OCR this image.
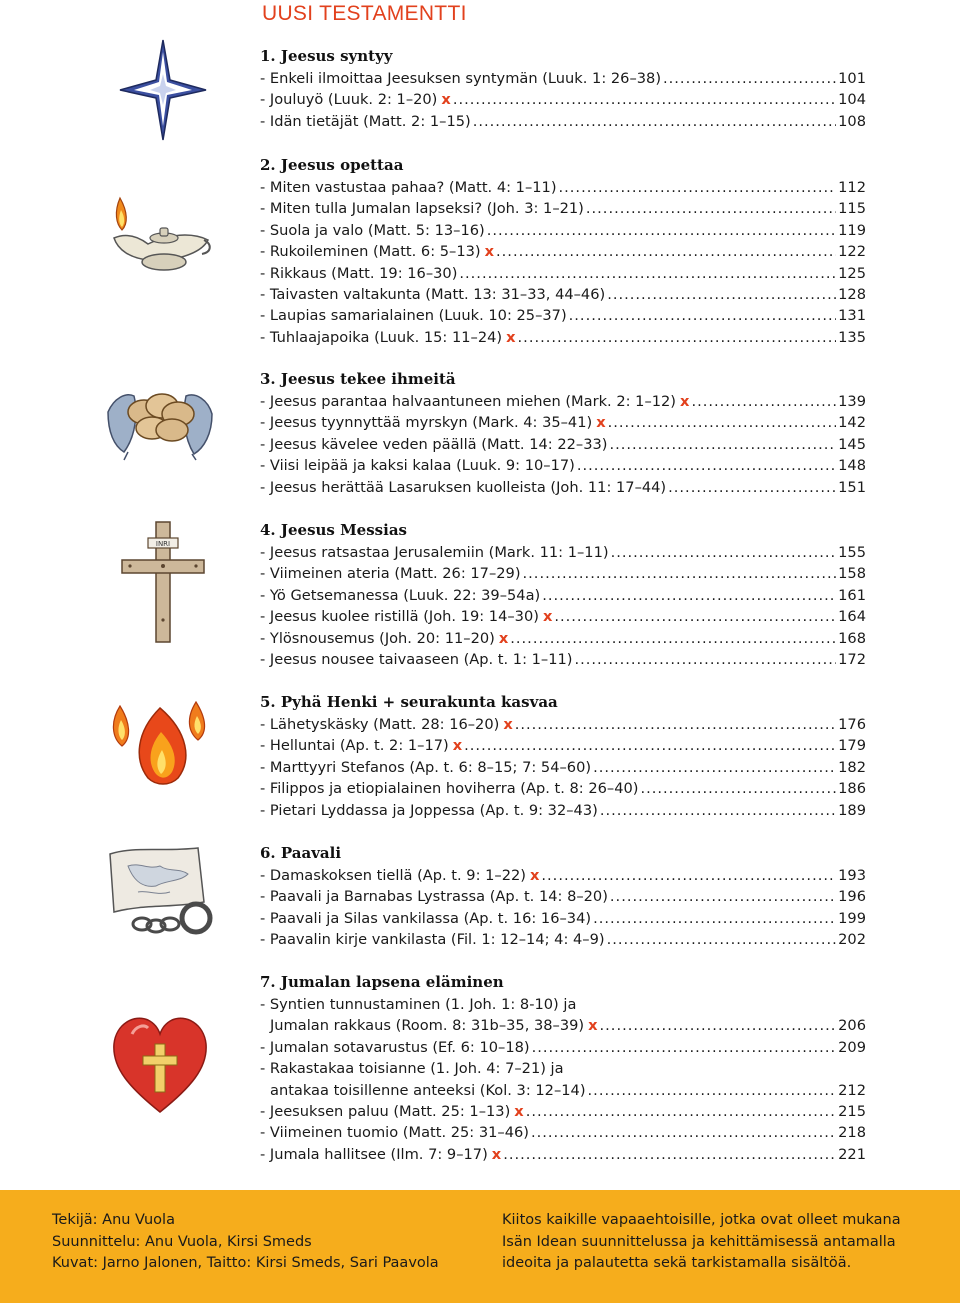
UUSI TESTAMENTTI
INRI
1. Jeesus syntyy
- Enkeli ilmoittaa Jeesuksen syntymän (Luuk. 1: 26–38) .....	101
- Jouluyö (Luuk. 2: 1–20) x .....	104
- Idän tietäjät (Matt. 2: 1–15) .....	108
2. Jeesus opettaa
- Miten vastustaa pahaa? (Matt. 4: 1–11) .....	112
- Miten tulla Jumalan lapseksi? (Joh. 3: 1–21) .....	115
- Suola ja valo (Matt. 5: 13–16) .....	119
- Rukoileminen (Matt. 6: 5–13) x .....	122
- Rikkaus (Matt. 19: 16–30) .....	125
- Taivasten valtakunta (Matt. 13: 31–33, 44–46) .....	128
- Laupias samarialainen (Luuk. 10: 25–37) .....	131
- Tuhlaajapoika (Luuk. 15: 11–24) x .....	135
3. Jeesus tekee ihmeitä
- Jeesus parantaa halvaantuneen miehen (Mark. 2: 1–12) x .....	139
- Jeesus tyynnyttää myrskyn (Mark. 4: 35–41) x .....	142
- Jeesus kävelee veden päällä (Matt. 14: 22–33) .....	145
- Viisi leipää ja kaksi kalaa (Luuk. 9: 10–17) .....	148
- Jeesus herättää Lasaruksen kuolleista (Joh. 11: 17–44) .....	151
4. Jeesus Messias
- Jeesus ratsastaa Jerusalemiin (Mark. 11: 1–11) .....	155
- Viimeinen ateria (Matt. 26: 17–29) .....	158
- Yö Getsemanessa (Luuk. 22: 39–54a) .....	161
- Jeesus kuolee ristillä (Joh. 19: 14–30) x .....	164
- Ylösnousemus (Joh. 20: 11–20) x .....	168
- Jeesus nousee taivaaseen (Ap. t. 1: 1–11) .....	172
5. Pyhä Henki + seurakunta kasvaa
- Lähetyskäsky (Matt. 28: 16–20) x .....	176
- Helluntai (Ap. t. 2: 1–17) x .....	179
- Marttyyri Stefanos (Ap. t. 6: 8–15; 7: 54–60) .....	182
- Filippos ja etiopialainen hoviherra (Ap. t. 8: 26–40) .....	186
- Pietari Lyddassa ja Joppessa (Ap. t. 9: 32–43) .....	189
6. Paavali
- Damaskoksen tiellä (Ap. t. 9: 1–22) x .....	193
- Paavali ja Barnabas Lystrassa (Ap. t. 14: 8–20) .....	196
- Paavali ja Silas vankilassa (Ap. t. 16: 16–34) .....	199
- Paavalin kirje vankilasta (Fil. 1: 12–14; 4: 4–9) .....	202
7. Jumalan lapsena eläminen
- Syntien tunnustaminen (1. Joh. 1: 8-10) ja
Jumalan rakkaus (Room. 8: 31b–35, 38–39) x .....	206
- Jumalan sotavarustus (Ef. 6: 10–18) .....	209
- Rakastakaa toisianne (1. Joh. 4: 7–21) ja
antakaa toisillenne anteeksi (Kol. 3: 12–14) .....	212
- Jeesuksen paluu (Matt. 25: 1–13) x .....	215
- Viimeinen tuomio (Matt. 25: 31–46) .....	218
- Jumala hallitsee (Ilm. 7: 9–17) x .....	221
Tekijä: Anu Vuola
Suunnittelu: Anu Vuola, Kirsi Smeds
Kuvat: Jarno Jalonen, Taitto: Kirsi Smeds, Sari Paavola
Kiitos kaikille vapaaehtoisille, jotka ovat olleet mukana
Isän Idean suunnittelussa ja kehittämisessä antamalla
ideoita ja palautetta sekä tarkistamalla sisältöä.
